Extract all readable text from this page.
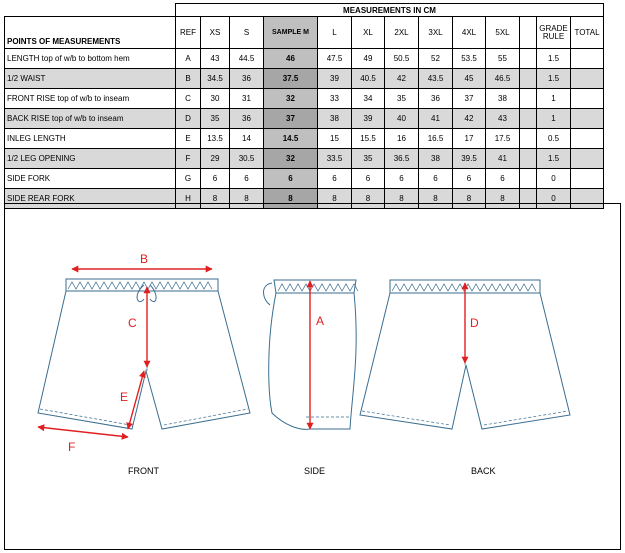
	MEASUREMENTS IN CM												
POINTS OF MEASUREMENTS	REF	XS	S	SAMPLE M	L	XL	2XL	3XL	4XL	5XL		GRADE RULE	TOTAL
LENGTH top of w/b to bottom hem	A	43	44.5	46	47.5	49	50.5	52	53.5	55		1.5	
1/2 WAIST	B	34.5	36	37.5	39	40.5	42	43.5	45	46.5		1.5	
FRONT RISE top of w/b to inseam	C	30	31	32	33	34	35	36	37	38		1	
BACK RISE top of w/b to inseam	D	35	36	37	38	39	40	41	42	43		1	
INLEG LENGTH	E	13.5	14	14.5	15	15.5	16	16.5	17	17.5		0.5	
1/2 LEG OPENING	F	29	30.5	32	33.5	35	36.5	38	39.5	41		1.5	
SIDE FORK	G	6	6	6	6	6	6	6	6	6		0	
SIDE REAR FORK	H	8	8	8	8	8	8	8	8	8		0	
B
C
E
F
A	D
FRONT	SIDE	BACK
